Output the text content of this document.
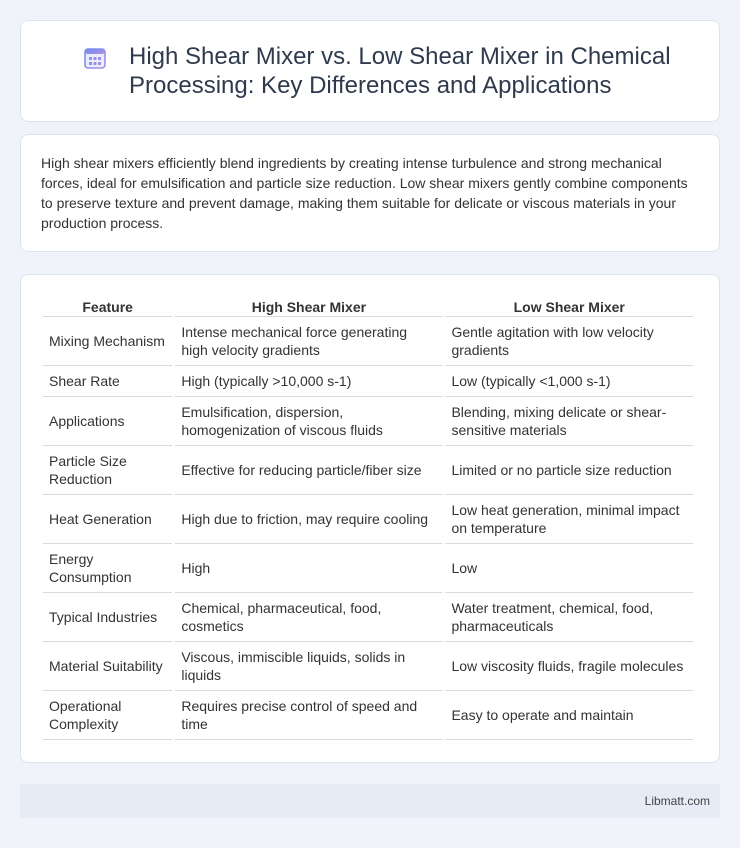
High Shear Mixer vs. Low Shear Mixer in Chemical Processing: Key Differences and Applications

High shear mixers efficiently blend ingredients by creating intense turbulence and strong mechanical forces, ideal for emulsification and particle size reduction. Low shear mixers gently combine components to preserve texture and prevent damage, making them suitable for delicate or viscous materials in your production process.

Feature	High Shear Mixer	Low Shear Mixer
Mixing Mechanism	Intense mechanical force generating high velocity gradients	Gentle agitation with low velocity gradients
Shear Rate	High (typically >10,000 s-1)	Low (typically <1,000 s-1)
Applications	Emulsification, dispersion, homogenization of viscous fluids	Blending, mixing delicate or shear-sensitive materials
Particle Size Reduction	Effective for reducing particle/fiber size	Limited or no particle size reduction
Heat Generation	High due to friction, may require cooling	Low heat generation, minimal impact on temperature
Energy Consumption	High	Low
Typical Industries	Chemical, pharmaceutical, food, cosmetics	Water treatment, chemical, food, pharmaceuticals
Material Suitability	Viscous, immiscible liquids, solids in liquids	Low viscosity fluids, fragile molecules
Operational Complexity	Requires precise control of speed and time	Easy to operate and maintain
Libmatt.com
